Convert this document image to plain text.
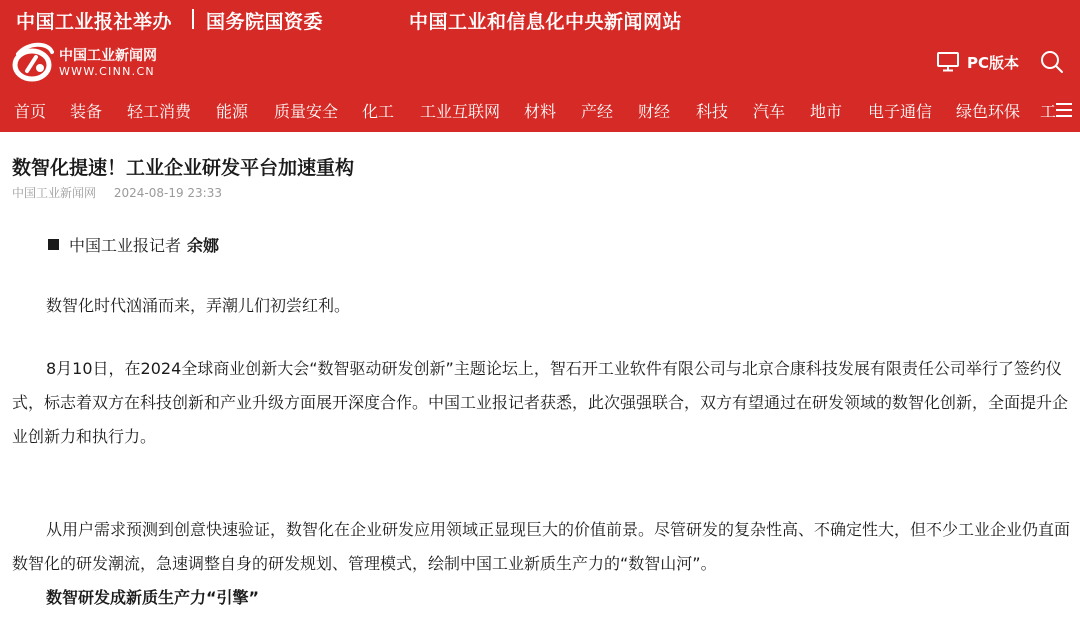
中国工业报社举办 国务院国资委	中国工业和信息化中央新闻网站
中国工业新闻网
WWW.CINN.CN	PC版本
首页 装备 轻工消费 能源 质量安全 化工 工业互联网 材料 产经 财经 科技 汽车 地市 电子通信 绿色环保 工
数智化提速！工业企业研发平台加速重构
中国工业新闻网 2024-08-19 23:33
中国工业报记者 余娜

数智化时代汹涌而来，弄潮儿们初尝红利。

8月10日，在2024全球商业创新大会“数智驱动研发创新”主题论坛上，智石开工业软件有限公司与北京合康科技发展有限责任公司举行了签约仪式，标志着双方在科技创新和产业升级方面展开深度合作。中国工业报记者获悉，此次强强联合，双方有望通过在研发领域的数智化创新，全面提升企业创新力和执行力。

从用户需求预测到创意快速验证，数智化在企业研发应用领域正显现巨大的价值前景。尽管研发的复杂性高、不确定性大，但不少工业企业仍直面数智化的研发潮流，急速调整自身的研发规划、管理模式，绘制中国工业新质生产力的“数智山河”。

数智研发成新质生产力“引擎”
